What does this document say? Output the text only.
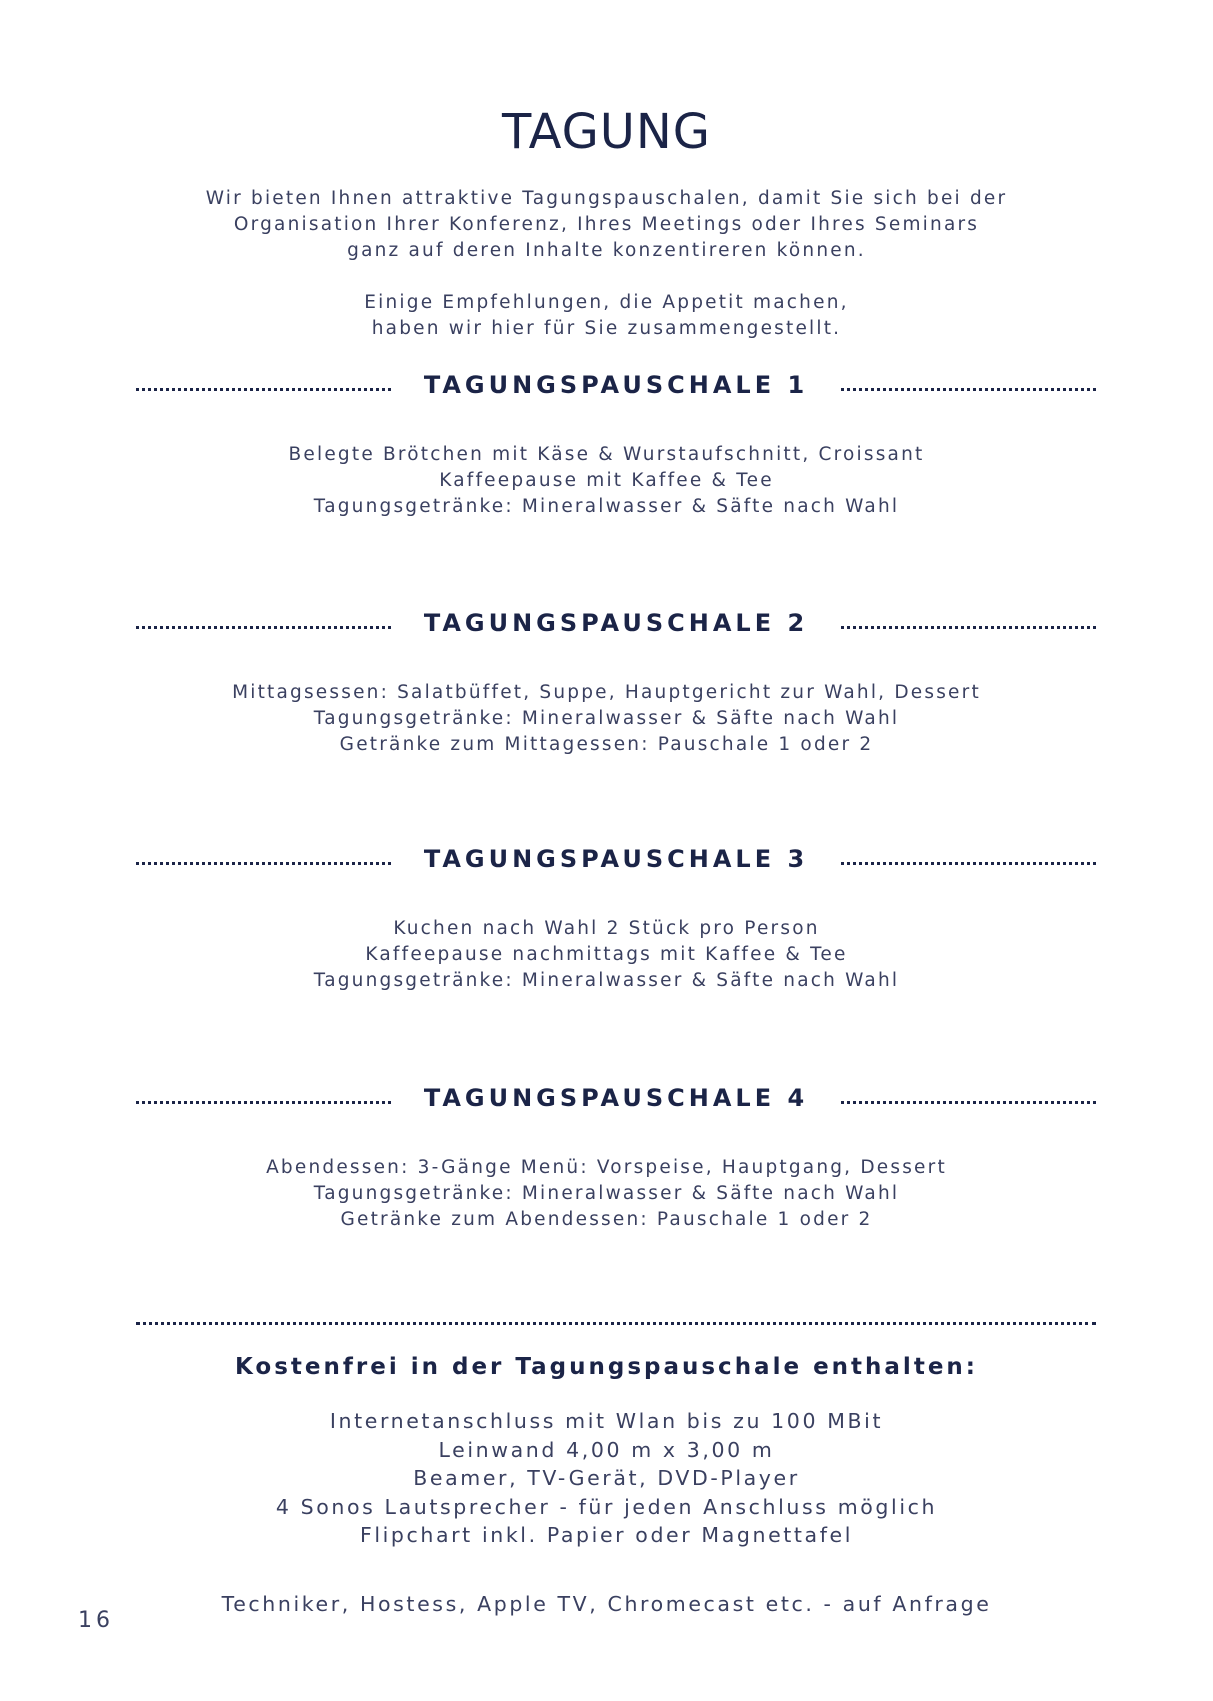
TAGUNG

Wir bieten Ihnen attraktive Tagungspauschalen, damit Sie sich bei der

Organisation Ihrer Konferenz, Ihres Meetings oder Ihres Seminars

ganz auf deren Inhalte konzentireren können.

Einige Empfehlungen, die Appetit machen,

haben wir hier für Sie zusammengestellt.

TAGUNGSPAUSCHALE 1
Belegte Brötchen mit Käse & Wurstaufschnitt, Croissant
Kaffeepause mit Kaffee & Tee
Tagungsgetränke: Mineralwasser & Säfte nach Wahl
TAGUNGSPAUSCHALE 2
Mittagsessen: Salatbüffet, Suppe, Hauptgericht zur Wahl, Dessert
Tagungsgetränke: Mineralwasser & Säfte nach Wahl
Getränke zum Mittagessen: Pauschale 1 oder 2
TAGUNGSPAUSCHALE 3
Kuchen nach Wahl 2 Stück pro Person
Kaffeepause nachmittags mit Kaffee & Tee
Tagungsgetränke: Mineralwasser & Säfte nach Wahl
TAGUNGSPAUSCHALE 4
Abendessen: 3-Gänge Menü: Vorspeise, Hauptgang, Dessert
Tagungsgetränke: Mineralwasser & Säfte nach Wahl
Getränke zum Abendessen: Pauschale 1 oder 2
Kostenfrei in der Tagungspauschale enthalten:
Internetanschluss mit Wlan bis zu 100 MBit
Leinwand 4,00 m x 3,00 m
Beamer, TV-Gerät, DVD-Player
4 Sonos Lautsprecher - für jeden Anschluss möglich
Flipchart inkl. Papier oder Magnettafel
Techniker, Hostess, Apple TV, Chromecast etc. - auf Anfrage
16
